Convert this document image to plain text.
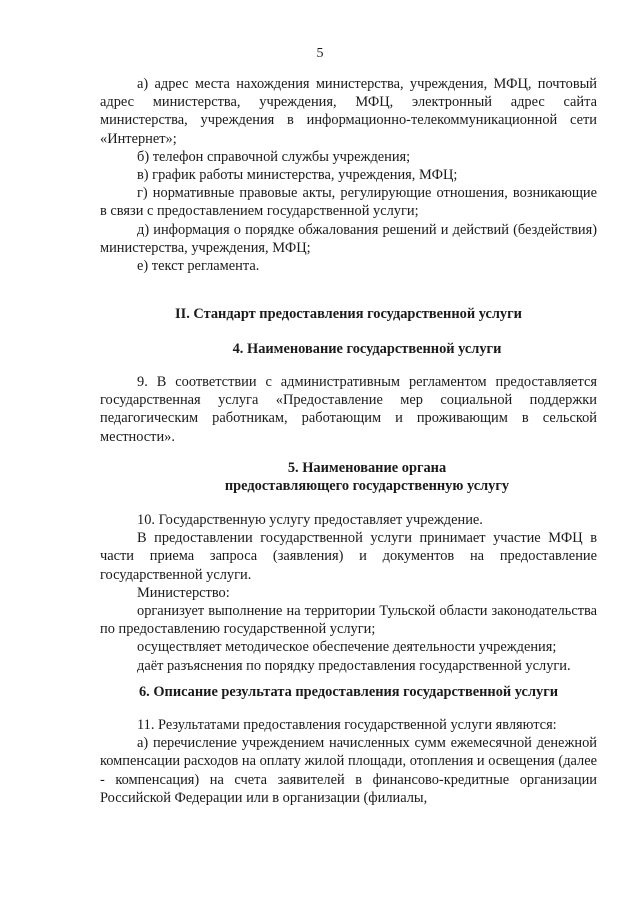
5
а) адрес места нахождения министерства, учреждения, МФЦ, почтовый адрес министерства, учреждения, МФЦ, электронный адрес сайта министерства, учреждения в информационно-телекоммуникационной сети «Интернет»;
б) телефон справочной службы учреждения;
в) график работы министерства, учреждения, МФЦ;
г) нормативные правовые акты, регулирующие отношения, возникающие в связи с предоставлением государственной услуги;
д) информация о порядке обжалования решений и действий (бездействия) министерства, учреждения, МФЦ;
е) текст регламента.
II. Стандарт предоставления государственной услуги
4. Наименование государственной услуги
9. В соответствии с административным регламентом предоставляется государственная услуга «Предоставление мер социальной поддержки педагогическим работникам, работающим и проживающим в сельской местности».
5. Наименование органа
предоставляющего государственную услугу
10. Государственную услугу предоставляет учреждение.
В предоставлении государственной услуги принимает участие МФЦ в части приема запроса (заявления) и документов на предоставление государственной услуги.
Министерство:
организует выполнение на территории Тульской области законодательства по предоставлению государственной услуги;
осуществляет методическое обеспечение деятельности учреждения;
даёт разъяснения по порядку предоставления государственной услуги.
6. Описание результата предоставления государственной услуги
11. Результатами предоставления государственной услуги являются:
а) перечисление учреждением начисленных сумм ежемесячной денежной компенсации расходов на оплату жилой площади, отопления и освещения (далее - компенсация) на счета заявителей в финансово-кредитные организации Российской Федерации или в организации (филиалы,
